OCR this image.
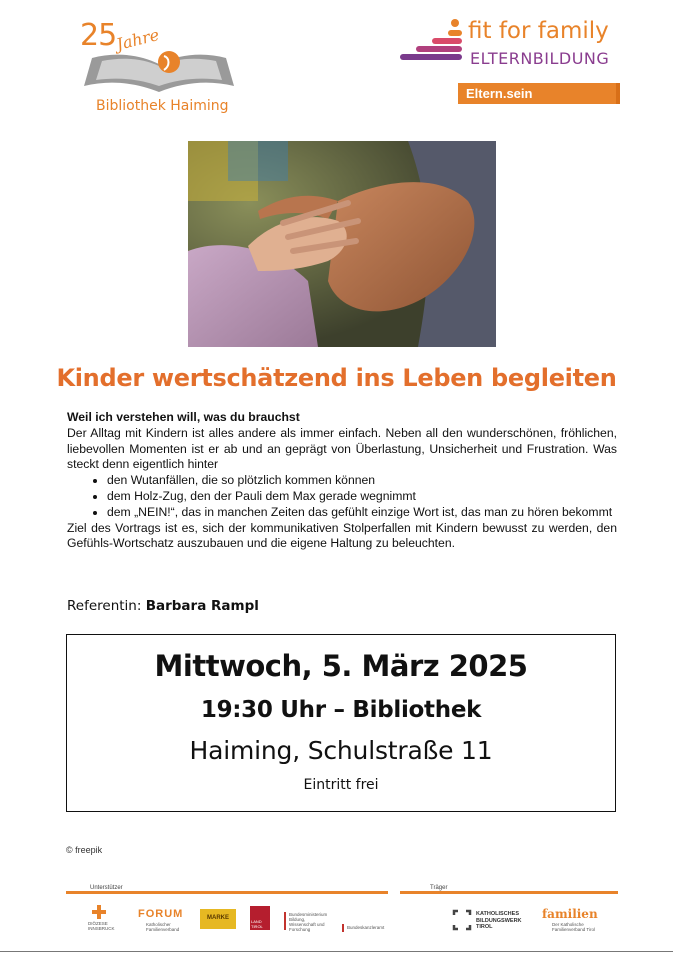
25
Jahre
Bibliothek Haiming
fit for family
ELTERNBILDUNG
Eltern.sein
Kinder wertschätzend ins Leben begleiten

Weil ich verstehen will, was du brauchst

Der Alltag mit Kindern ist alles andere als immer einfach. Neben all den wunderschönen, fröhlichen, liebevollen Momenten ist er ab und an geprägt von Überlastung, Unsicherheit und Frustration. Was steckt denn eigentlich hinter

• den Wutanfällen, die so plötzlich kommen können
• dem Holz-Zug, den der Pauli dem Max gerade wegnimmt
• dem „NEIN!“, das in manchen Zeiten das gefühlt einzige Wort ist, das man zu hören bekommt

Ziel des Vortrags ist es, sich der kommunikativen Stolperfallen mit Kindern bewusst zu werden, den Gefühls-Wortschatz auszubauen und die eigene Haltung zu beleuchten.

Referentin: Barbara Rampl
Mittwoch, 5. März 2025
19:30 Uhr – Bibliothek
Haiming, Schulstraße 11
Eintritt frei
© freepik
Unterstützer	Träger
DIÖZESE INNSBRUCK
FORUM
Katholischer Familienverband
MARKE
LAND TIROL
Bundesministerium Bildung, Wissenschaft und Forschung	Bundeskanzleramt
KATHOLISCHES BILDUNGSWERK TIROL
familien
Der Katholische Familienverband Tirol
